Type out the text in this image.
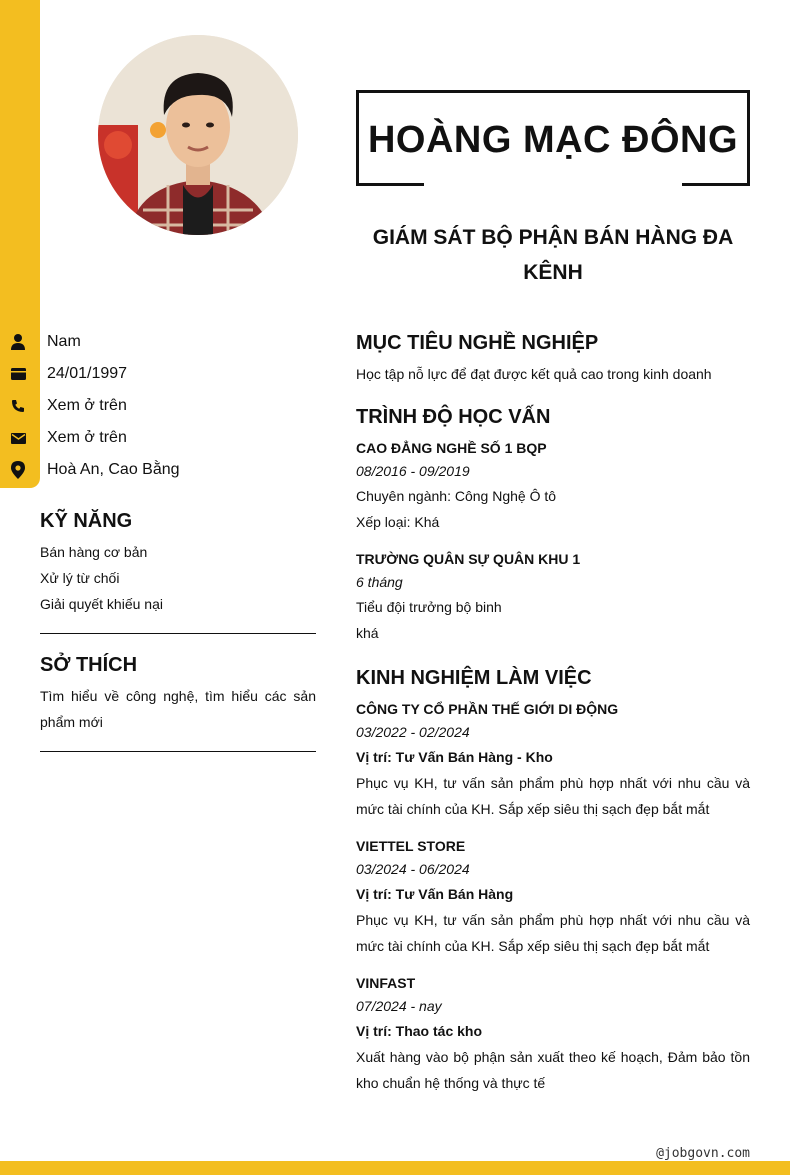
HOÀNG MẠC ĐÔNG
GIÁM SÁT BỘ PHẬN BÁN HÀNG ĐA KÊNH
Nam
24/01/1997
Xem ở trên
Xem ở trên
Hoà An, Cao Bằng
KỸ NĂNG
Bán hàng cơ bản
Xử lý từ chối
Giải quyết khiếu nại
SỞ THÍCH
Tìm hiểu về công nghệ, tìm hiểu các sản phẩm mới
MỤC TIÊU NGHỀ NGHIỆP
Học tập nỗ lực để đạt được kết quả cao trong kinh doanh
TRÌNH ĐỘ HỌC VẤN
CAO ĐẲNG NGHỀ SỐ 1 BQP
08/2016 - 09/2019
Chuyên ngành: Công Nghệ Ô tô
Xếp loại: Khá
TRƯỜNG QUÂN SỰ QUÂN KHU 1
6 tháng
Tiểu đội trưởng bộ binh
khá
KINH NGHIỆM LÀM VIỆC
CÔNG TY CỔ PHẦN THẾ GIỚI DI ĐỘNG
03/2022 - 02/2024
Vị trí: Tư Vấn Bán Hàng - Kho
Phục vụ KH, tư vấn sản phẩm phù hợp nhất với nhu cầu và mức tài chính của KH. Sắp xếp siêu thị sạch đẹp bắt mắt
VIETTEL STORE
03/2024 - 06/2024
Vị trí: Tư Vấn Bán Hàng
Phục vụ KH, tư vấn sản phẩm phù hợp nhất với nhu cầu và mức tài chính của KH. Sắp xếp siêu thị sạch đẹp bắt mắt
VINFAST
07/2024 - nay
Vị trí: Thao tác kho
Xuất hàng vào bộ phận sản xuất theo kế hoạch, Đảm bảo tồn kho chuẩn hệ thống và thực tế
@jobgovn.com
